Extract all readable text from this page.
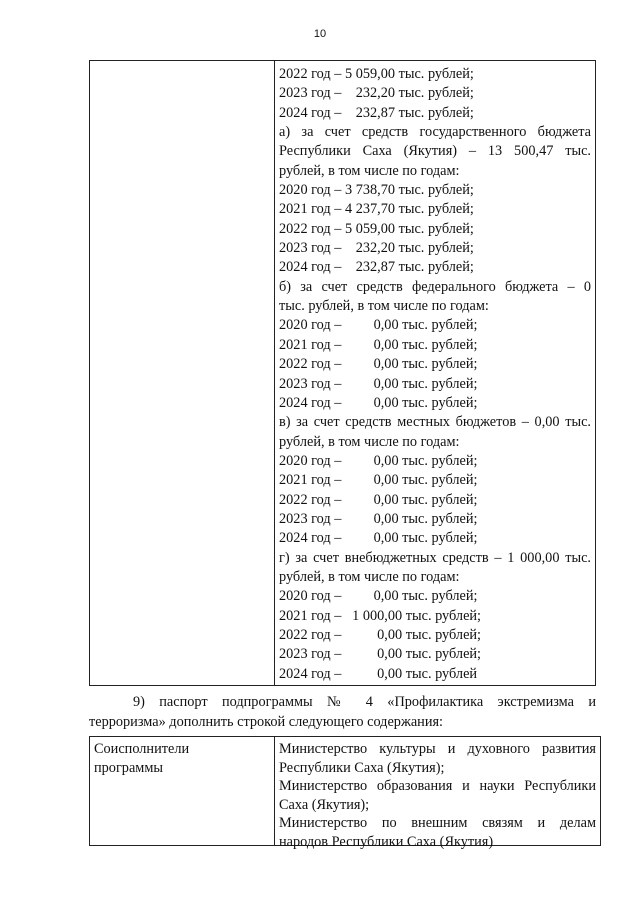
10
2022 год – 5 059,00 тыс. рублей;
2023 год –    232,20 тыс. рублей;
2024 год –    232,87 тыс. рублей;
а) за счет средств государственного бюджета
Республики Саха (Якутия) – 13 500,47 тыс.
рублей, в том числе по годам:
2020 год – 3 738,70 тыс. рублей;
2021 год – 4 237,70 тыс. рублей;
2022 год – 5 059,00 тыс. рублей;
2023 год –    232,20 тыс. рублей;
2024 год –    232,87 тыс. рублей;
б) за счет средств федерального бюджета – 0
тыс. рублей, в том числе по годам:
2020 год –         0,00 тыс. рублей;
2021 год –         0,00 тыс. рублей;
2022 год –         0,00 тыс. рублей;
2023 год –         0,00 тыс. рублей;
2024 год –         0,00 тыс. рублей;
в) за счет средств местных бюджетов – 0,00 тыс.
рублей, в том числе по годам:
2020 год –         0,00 тыс. рублей;
2021 год –         0,00 тыс. рублей;
2022 год –         0,00 тыс. рублей;
2023 год –         0,00 тыс. рублей;
2024 год –         0,00 тыс. рублей;
г) за счет внебюджетных средств – 1 000,00 тыс.
рублей, в том числе по годам:
2020 год –         0,00 тыс. рублей;
2021 год –   1 000,00 тыс. рублей;
2022 год –          0,00 тыс. рублей;
2023 год –          0,00 тыс. рублей;
2024 год –          0,00 тыс. рублей
9) паспорт подпрограммы № 4 «Профилактика экстремизма и
терроризма» дополнить строкой следующего содержания:
Соисполнители
программы
Министерство культуры и духовного развития
Республики Саха (Якутия);
Министерство образования и науки Республики
Саха (Якутия);
Министерство по внешним связям и делам
народов Республики Саха (Якутия)
